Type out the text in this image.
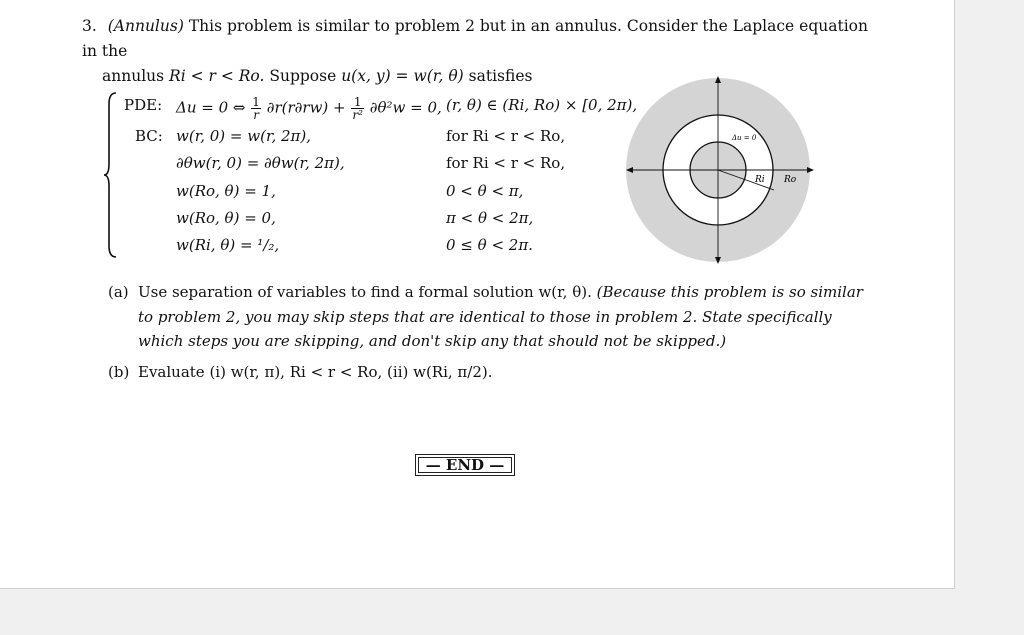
3. (Annulus) This problem is similar to problem 2 but in an annulus. Consider the Laplace equation in the
annulus Ri < r < Ro. Suppose u(x, y) = w(r, θ) satisfies
PDE: Δu = 0 ⇔ $\frac{1}{r} \partial r(r\partial rw) + \frac{1}{\text{r²}} \partial\theta^2w = 0$, (r, θ) ∈ (Ri, Ro) × [0, 2π),
BC: w(r, 0) = w(r, 2π),	for Ri < r < Ro,
∂θw(r, 0) = ∂θw(r, 2π),	for Ri < r < Ro,
w(Ro, θ) = 1,	0 < θ < π,
w(Ro, θ) = 0,	π < θ < 2π,
w(Ri, θ) = ¹/₂,	0 ≤ θ < 2π.
Δu = 0
Ri Ro
(a) Use separation of variables to find a formal solution w(r, θ). (Because this problem is so similar to problem 2, you may skip steps that are identical to those in problem 2. State specifically which steps you are skipping, and don't skip any that should not be skipped.)
(b) Evaluate (i) w(r, π), Ri < r < Ro, (ii) w(Ri, π/2).
— END —
